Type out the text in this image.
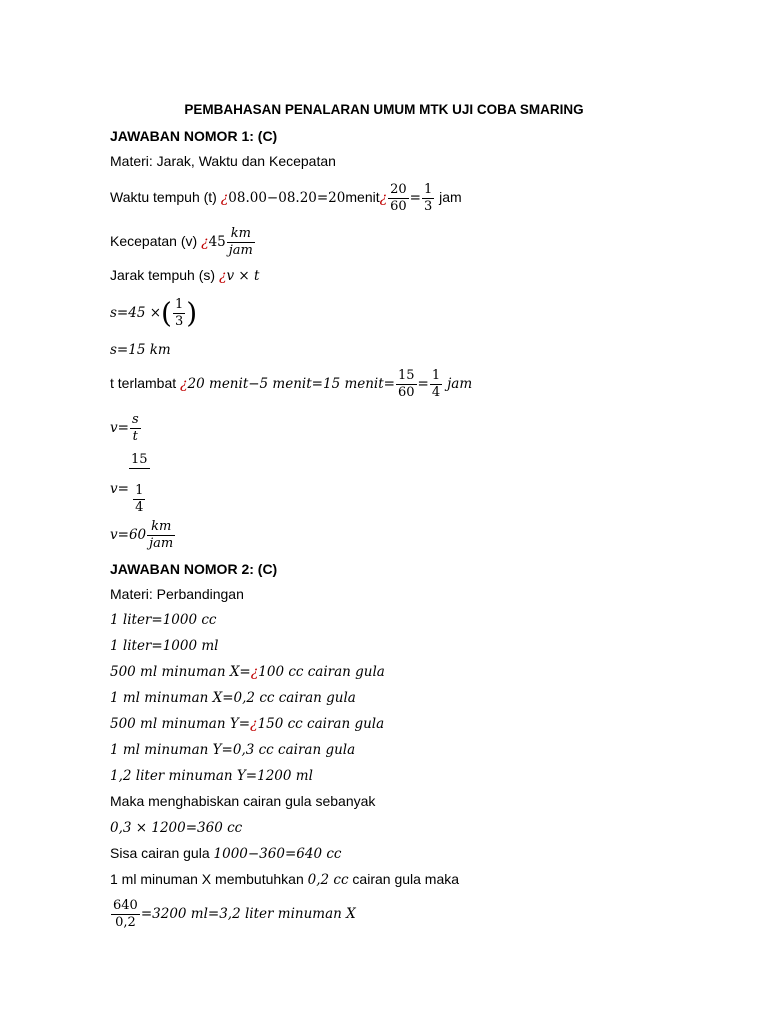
PEMBAHASAN PENALARAN UMUM MTK UJI COBA SMARING
JAWABAN NOMOR 1: (C)
Materi: Jarak, Waktu dan Kecepatan
Waktu tempuh (t) ¿08.00−08.20=20menit¿ $\frac{20}{60} = \frac{1}{3}$ jam
Kecepatan (v) ¿$45 \frac{km}{\text{jam}}$
Jarak tempuh (s) ¿v × t
s=45 ×( $\frac{1}{3}$ )
s=15 km
t terlambat ¿20 menit−5 menit=15 menit= $\frac{15}{60} = \frac{1}{4}$ jam
$v= \frac{s}{t}$
$v= \frac{15}{\frac{1}{4}}$
$v=60 \frac{km}{\text{jam}}$
JAWABAN NOMOR 2: (C)
Materi: Perbandingan
1 liter=1000 cc
1 liter=1000 ml
500 ml minuman X=¿100 cc cairan gula
1 ml minuman X=0,2 cc cairan gula
500 ml minuman Y=¿150 cc cairan gula
1 ml minuman Y=0,3 cc cairan gula
1,2 liter minuman Y=1200 ml
Maka menghabiskan cairan gula sebanyak
0,3 × 1200=360 cc
Sisa cairan gula 1000−360=640 cc
1 ml minuman X membutuhkan 0,2 cc cairan gula maka
$\frac{640}{0,2} =3200$ ml=3,2 liter minuman X
